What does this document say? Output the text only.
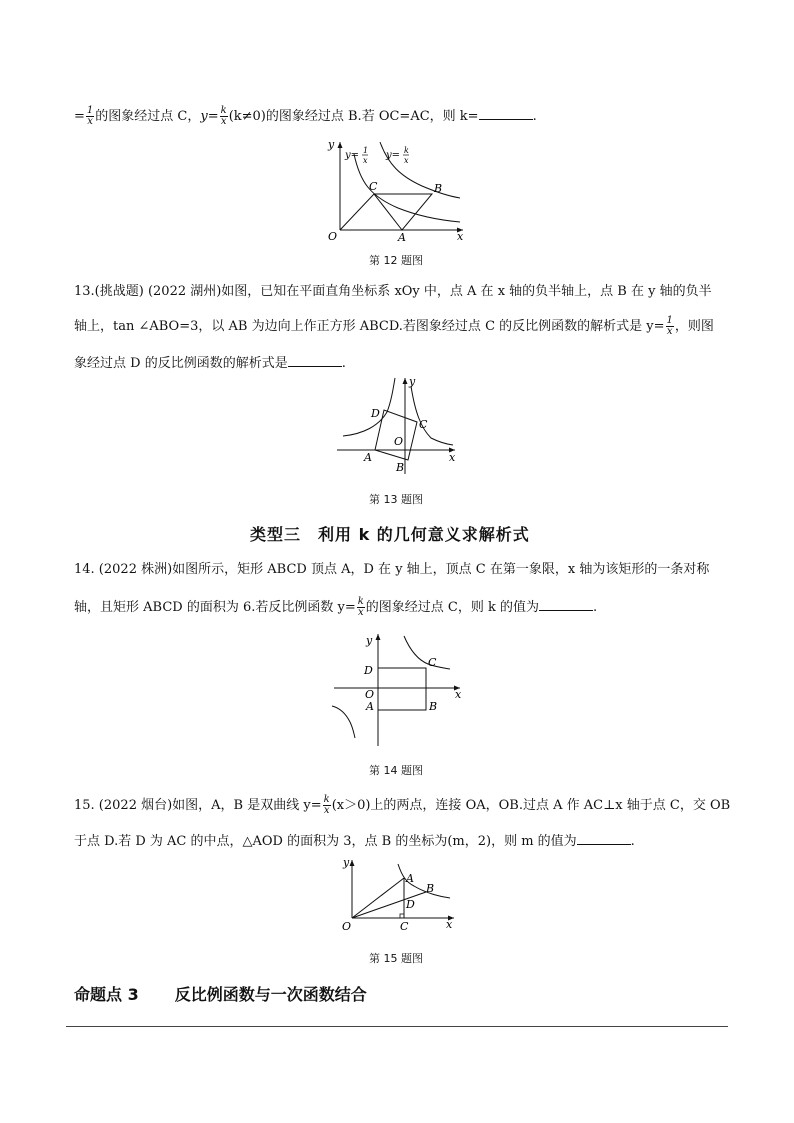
= $\frac{1}{x}$ 的图象经过点 C，$y= \frac{k}{x} (k\ne 0)$的图象经过点 B.若 OC=AC，则 k=	.
y
x
O	A
B
C
y= 1
x y= k
x
第 12 题图
13.(挑战题) (2022 湖州)如图，已知在平面直角坐标系 xOy 中，点 A 在 x 轴的负半轴上，点 B 在 y 轴的负半
轴上，tan ∠ABO=3，以 AB 为边向上作正方形 ABCD.若图象经过点 C 的反比例函数的解析式是 $y= \frac{1}{x}$ ，则图
象经过点 D 的反比例函数的解析式是	.
y
x
O
A
B
C
D
第 13 题图
类型三　利用 k 的几何意义求解析式
14. (2022 株洲)如图所示，矩形 ABCD 顶点 A，D 在 y 轴上，顶点 C 在第一象限，x 轴为该矩形的一条对称
轴，且矩形 ABCD 的面积为 6.若反比例函数 $y= \frac{k}{x}$ 的图象经过点 C，则 k 的值为	.
y
x
O
A	B
C
D
第 14 题图
15. (2022 烟台)如图，A，B 是双曲线 $y= \frac{k}{x} (x>0)$上的两点，连接 OA，OB.过点 A 作 AC⊥x 轴于点 C，交 OB
于点 D.若 D 为 AC 的中点，△AOD 的面积为 3，点 B 的坐标为(m，2)，则 m 的值为	.
y
x
O	C
D
A
B
第 15 题图
命题点 3 反比例函数与一次函数结合
